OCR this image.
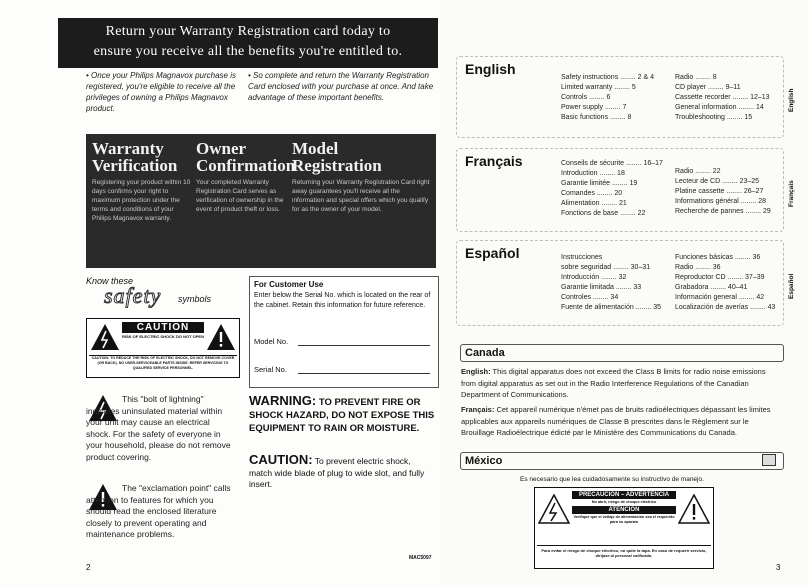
Return your Warranty Registration card today to
ensure you receive all the benefits you're entitled to.
• Once your Philips Magnavox purchase is registered, you're eligible to receive all the privileges of owning a Philips Magnavox product.
• So complete and return the Warranty Registration Card enclosed with your purchase at once. And take advantage of these important benefits.
Warranty
Verification
Registering your product within 10 days confirms your right to maximum protection under the terms and conditions of your Philips Magnavox warranty.
Owner
Confirmation
Your completed Warranty Registration Card serves as verification of ownership in the event of product theft or loss.
Model
Registration
Returning your Warranty Registration Card right away guarantees you'll receive all the information and special offers which you qualify for as the owner of your model.
Know these
safety symbols
CAUTION
RISK OF ELECTRIC SHOCK DO NOT OPEN
CAUTION: TO REDUCE THE RISK OF ELECTRIC SHOCK, DO NOT REMOVE COVER (OR BACK). NO USER-SERVICEABLE PARTS INSIDE. REFER SERVICING TO QUALIFIED SERVICE PERSONNEL.
This "bolt of lightning" indicates uninsulated material within your unit may cause an electrical shock. For the safety of everyone in your household, please do not remove product covering.
The "exclamation point" calls attention to features for which you should read the enclosed literature closely to prevent operating and maintenance problems.
For Customer Use
Enter below the Serial No. which is located on the rear of the cabinet. Retain this information for future reference.
Model No.
Serial No.
WARNING: TO PREVENT FIRE OR SHOCK HAZARD, DO NOT EXPOSE THIS EQUIPMENT TO RAIN OR MOISTURE.
CAUTION: To prevent electric shock, match wide blade of plug to wide slot, and fully insert.
MAC5097
2
English
Safety instructions ........ 2 & 4
Limited warranty ........ 5
Controls ........ 6
Power supply ........ 7
Basic functions ........ 8
Radio ........ 8
CD player ........ 9–11
Cassette recorder ........ 12–13
General information ........ 14
Troubleshooting ........ 15
English
Français	Conseils de sécurite ........ 16–17
Introduction ........ 18
Garantie limitée ........ 19
Comandes ........ 20
Alimentation ........ 21
Fonctions de base ........ 22
Radio ........ 22
Lecteur de CD ........ 23–25
Platine cassette ........ 26–27
Informations général ........ 28
Recherche de pannes ........ 29
Français
Español	Instrucciones
sobre seguridad ........ 30–31
Introducción ........ 32
Garantie limitada ........ 33
Controles ........ 34
Fuente de alimentación ........ 35
Funciones básicas ........ 36
Radio ........ 36
Reproductor CD ........ 37–39
Grabadora ........ 40–41
Información general ........ 42
Localización de averías ........ 43
Español
Canada
English: This digital apparatus does not exceed the Class B limits for radio noise emissions from digital apparatus as set out in the Radio Interference Regulations of the Canadian Department of Communications.
Français: Cet appareil numérique n'émet pas de bruits radioélectriques dépassant les limites applicables aux appareils numériques de Classe B prescrites dans le Règlement sur le Brouillage Radioélectrique édicté par le Ministère des Communications du Canada.
México
Es necesario que lea cuidadosamente su instructivo de manejo.
PRECAUCION – ADVERTENCIA
No abrir, riesgo de choque eléctrico
ATENCION
Verifique que el voltaje de alimentación sea el requerido para su aparato
Para evitar el riesgo de choque eléctrico, no quite la tapa. En caso de requerir servicio, dirijase al personal calificado.
3
